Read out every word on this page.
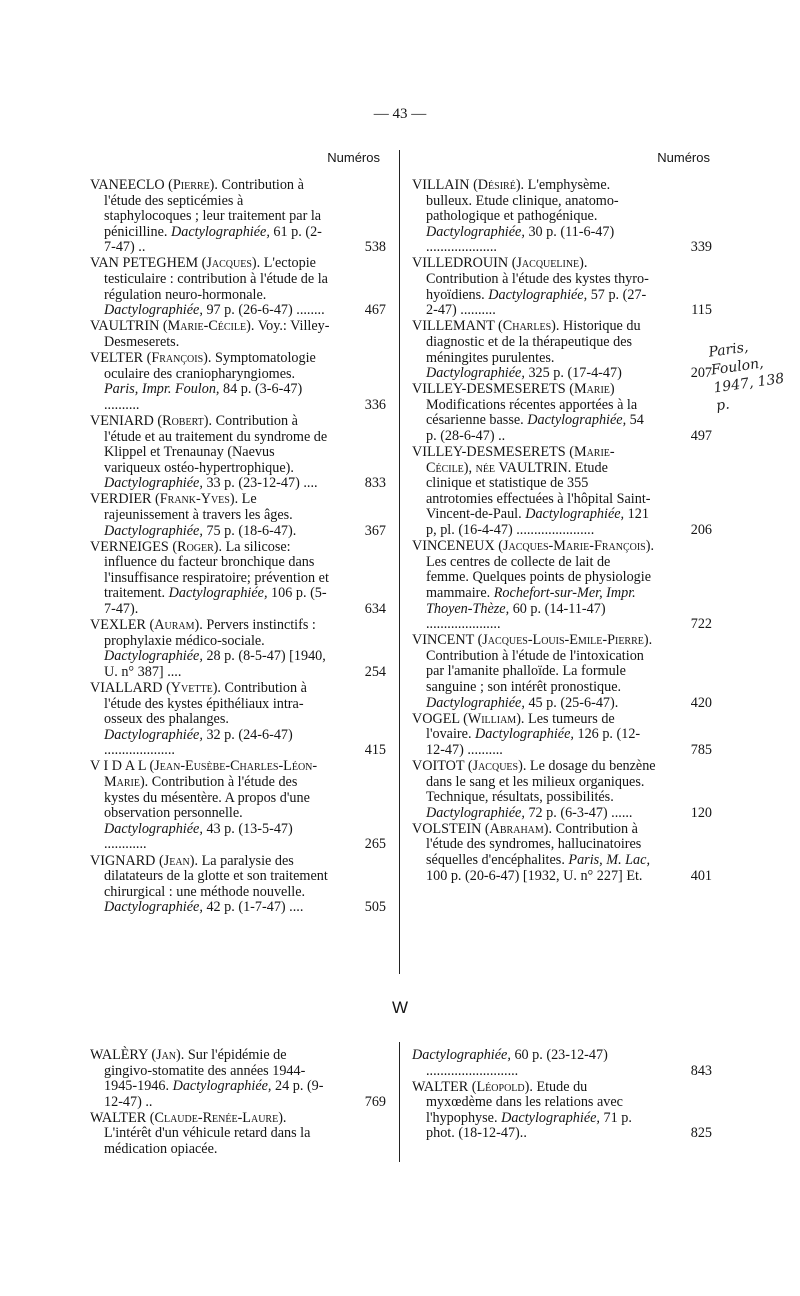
— 43 —
Numéros	Numéros
VANEECLO (Pierre). Contribution à l'étude des septicémies à staphylocoques ; leur traitement par la pénicilline. Dactylographiée, 61 p. (2-7-47) ..	538
VAN PETEGHEM (Jacques). L'ectopie testiculaire : contribution à l'étude de la régulation neuro-hormonale. Dactylographiée, 97 p. (26-6-47) ........	467
VAULTRIN (Marie-Cécile). Voy.: Villey-Desmeserets.
VELTER (François). Symptomatologie oculaire des craniopharyngiomes. Paris, Impr. Foulon, 84 p. (3-6-47) ..........	336
VENIARD (Robert). Contribution à l'étude et au traitement du syndrome de Klippel et Trenaunay (Naevus variqueux ostéo-hypertrophique). Dactylographiée, 33 p. (23-12-47) ....	833
VERDIER (Frank-Yves). Le rajeunissement à travers les âges. Dactylographiée, 75 p. (18-6-47).	367
VERNEIGES (Roger). La silicose: influence du facteur bronchique dans l'insuffisance respiratoire; prévention et traitement. Dactylographiée, 106 p. (5-7-47).	634
VEXLER (Auram). Pervers instinctifs : prophylaxie médico-sociale. Dactylographiée, 28 p. (8-5-47) [1940, U. n° 387] ....	254
VIALLARD (Yvette). Contribution à l'étude des kystes épithéliaux intra-osseux des phalanges. Dactylographiée, 32 p. (24-6-47) ....................	415
V I D A L (Jean-Eusèbe-Charles-Léon-Marie). Contribution à l'étude des kystes du mésentère. A propos d'une observation personnelle. Dactylographiée, 43 p. (13-5-47) ............	265
VIGNARD (Jean). La paralysie des dilatateurs de la glotte et son traitement chirurgical : une méthode nouvelle. Dactylographiée, 42 p. (1-7-47) ....	505
VILLAIN (Désiré). L'emphysème. bulleux. Etude clinique, anatomo-pathologique et pathogénique. Dactylographiée, 30 p. (11-6-47) ....................	339
VILLEDROUIN (Jacqueline). Contribution à l'étude des kystes thyro-hyoïdiens. Dactylographiée, 57 p. (27-2-47) ..........	115
VILLEMANT (Charles). Historique du diagnostic et de la thérapeutique des méningites purulentes. Dactylographiée, 325 p. (17-4-47)	207
VILLEY-DESMESERETS (Marie) Modifications récentes apportées à la césarienne basse. Dactylographiée, 54 p. (28-6-47) ..	497
VILLEY-DESMESERETS (Marie-Cécile), née VAULTRIN. Etude clinique et statistique de 355 antrotomies effectuées à l'hôpital Saint-Vincent-de-Paul. Dactylographiée, 121 p, pl. (16-4-47) ......................	206
VINCENEUX (Jacques-Marie-François). Les centres de collecte de lait de femme. Quelques points de physiologie mammaire. Rochefort-sur-Mer, Impr. Thoyen-Thèze, 60 p. (14-11-47) .....................	722
VINCENT (Jacques-Louis-Emile-Pierre). Contribution à l'étude de l'intoxication par l'amanite phalloïde. La formule sanguine ; son intérêt pronostique. Dactylographiée, 45 p. (25-6-47).	420
VOGEL (William). Les tumeurs de l'ovaire. Dactylographiée, 126 p. (12-12-47) ..........	785
VOITOT (Jacques). Le dosage du benzène dans le sang et les milieux organiques. Technique, résultats, possibilités. Dactylographiée, 72 p. (6-3-47) ......	120
VOLSTEIN (Abraham). Contribution à l'étude des syndromes, hallucinatoires séquelles d'encéphalites. Paris, M. Lac, 100 p. (20-6-47) [1932, U. n° 227] Et.	401
Paris, Foulon, 1947, 138 p.
W
WALÈRY (Jan). Sur l'épidémie de gingivo-stomatite des années 1944-1945-1946. Dactylographiée, 24 p. (9-12-47) ..	769
WALTER (Claude-Renée-Laure). L'intérêt d'un véhicule retard dans la médication opiacée.
Dactylographiée, 60 p. (23-12-47) ..........................	843
WALTER (Léopold). Etude du myxœdème dans les relations avec l'hypophyse. Dactylographiée, 71 p. phot. (18-12-47)..	825
